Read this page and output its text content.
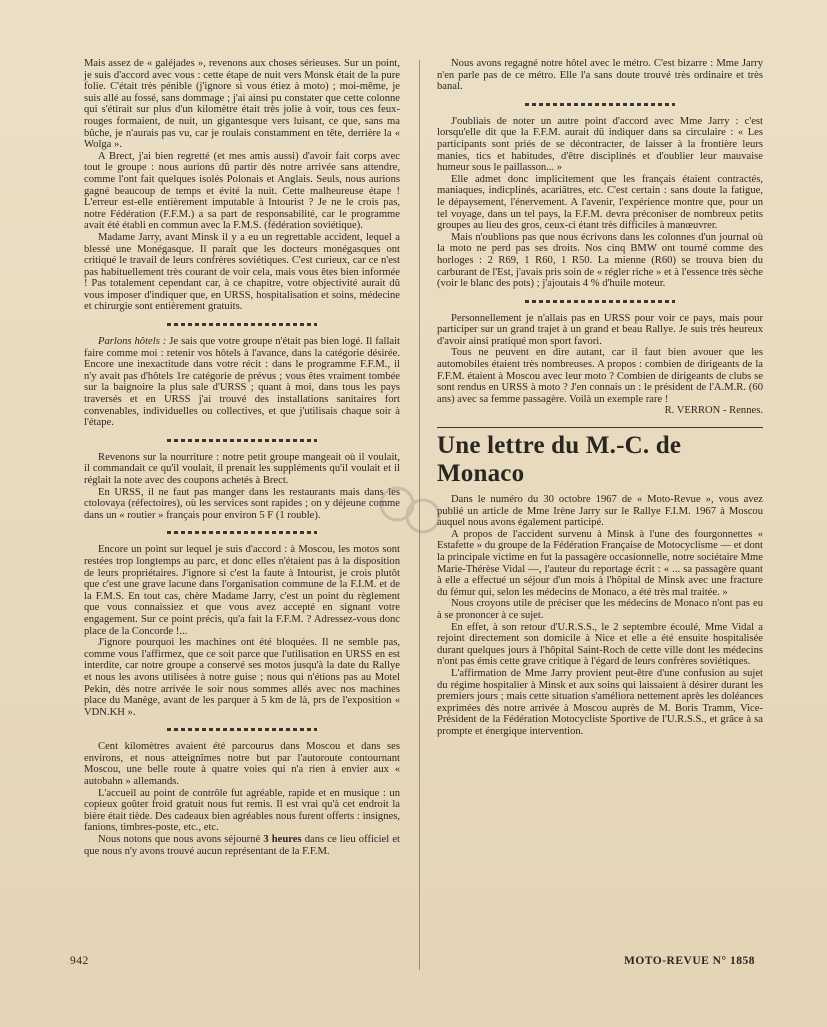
Mais assez de « galéjades », revenons aux choses sérieuses. Sur un point, je suis d'accord avec vous : cette étape de nuit vers Monsk était de la pure folie. C'était très pénible (j'ignore si vous étiez à moto) ; moi-même, je suis allé au fossé, sans dommage ; j'ai ainsi pu constater que cette colonne qui s'étirait sur plus d'un kilomètre était très jolie à voir, tous ces feux-rouges formaient, de nuit, un gigantesque vers luisant, ce que, sans ma bûche, je n'aurais pas vu, car je roulais constamment en tête, derrière la « Wolga ».

A Brect, j'ai bien regretté (et mes amis aussi) d'avoir fait corps avec tout le groupe : nous aurions dû partir dès notre arrivée sans attendre, comme l'ont fait quelques isolés Polonais et Anglais. Seuls, nous aurions gagné beaucoup de temps et évité la nuit. Cette malheureuse étape ! L'erreur est-elle entièrement imputable à Intourist ? Je ne le crois pas, notre Fédération (F.F.M.) a sa part de responsabilité, car le programme avait été établi en commun avec la F.M.S. (fédération soviétique).

Madame Jarry, avant Minsk il y a eu un regrettable accident, lequel a blessé une Monégasque. Il paraît que les docteurs monégasques ont critiqué le travail de leurs confrères soviétiques. C'est curieux, car ce n'est pas habituellement très courant de voir cela, mais vous êtes bien informée ! Pas totalement cependant car, à ce chapitre, votre objectivité aurait dû vous imposer d'indiquer que, en URSS, hospitalisation et soins, médecine et chirurgie sont entièrement gratuits.

Parlons hôtels : Je sais que votre groupe n'était pas bien logé. Il fallait faire comme moi : retenir vos hôtels à l'avance, dans la catégorie désirée. Encore une inexactitude dans votre récit : dans le programme F.F.M., il n'y avait pas d'hôtels 1re catégorie de prévus ; vous êtes vraiment tombée sur la baignoire la plus sale d'URSS ; quant à moi, dans tous les pays traversés et en URSS j'ai trouvé des installations sanitaires fort convenables, individuelles ou collectives, et que j'utilisais chaque soir à l'étape.

Revenons sur la nourriture : notre petit groupe mangeait où il voulait, il commandait ce qu'il voulait, il prenait les suppléments qu'il voulait et il réglait la note avec des coupons achetés à Brect.

En URSS, il ne faut pas manger dans les restaurants mais dans les ctolovaya (réfectoires), où les services sont rapides ; on y déjeune comme dans un « routier » français pour environ 5 F (1 rouble).

Encore un point sur lequel je suis d'accord : à Moscou, les motos sont restées trop longtemps au parc, et donc elles n'étaient pas à la disposition de leurs propriétaires. J'ignore si c'est la faute à Intourist, je crois plutôt que c'est une grave lacune dans l'organisation commune de la F.I.M. et de la F.M.S. En tout cas, chère Madame Jarry, c'est un point du règlement que vous connaissiez et que vous avez accepté en signant votre engagement. Sur ce point précis, qu'a fait la F.F.M. ? Adressez-vous donc place de la Concorde !...

J'ignore pourquoi les machines ont été bloquées. Il ne semble pas, comme vous l'affirmez, que ce soit parce que l'utilisation en URSS en est interdite, car notre groupe a conservé ses motos jusqu'à la date du Rallye et nous les avons utilisées à notre guise ; nous qui n'étions pas au Motel Pekin, dès notre arrivée le soir nous sommes allés avec nos machines place du Manège, avant de les parquer à 5 km de là, prs de l'exposition « VDN.KH ».

Cent kilomètres avaient été parcourus dans Moscou et dans ses environs, et nous atteignîmes notre but par l'autoroute contournant Moscou, une belle route à quatre voies qui n'a rien à envier aux « autobahn » allemands.

L'accueil au point de contrôle fut agréable, rapide et en musique : un copieux goûter froid gratuit nous fut remis. Il est vrai qu'à cet endroit la bière était tiède. Des cadeaux bien agréables nous furent offerts : insignes, fanions, timbres-poste, etc., etc.

Nous notons que nous avons séjourné 3 heures dans ce lieu officiel et que nous n'y avons trouvé aucun représentant de la F.F.M.

Nous avons regagné notre hôtel avec le métro. C'est bizarre : Mme Jarry n'en parle pas de ce métro. Elle l'a sans doute trouvé très ordinaire et très banal.

J'oubliais de noter un autre point d'accord avec Mme Jarry : c'est lorsqu'elle dit que la F.F.M. aurait dû indiquer dans sa circulaire : « Les participants sont priés de se décontracter, de laisser à la frontière leurs manies, tics et habitudes, d'être disciplinés et d'oublier leur mauvaise humeur sous le paillasson... »

Elle admet donc implicitement que les français étaient contractés, maniaques, indicplinés, acariâtres, etc. C'est certain : sans doute la fatigue, le dépaysement, l'énervement. A l'avenir, l'expérience montre que, pour un tel voyage, dans un tel pays, la F.F.M. devra préconiser de nombreux petits groupes au lieu des gros, ceux-ci étant très difficiles à manœuvrer.

Mais n'oublions pas que nous écrivons dans les colonnes d'un journal où la moto ne perd pas ses droits. Nos cinq BMW ont tourné comme des horloges : 2 R69, 1 R60, 1 R50. La mienne (R60) se trouva bien du carburant de l'Est, j'avais pris soin de « régler riche » et à l'essence très sèche (voir le blanc des pots) ; j'ajoutais 4 % d'huile moteur.

Personnellement je n'allais pas en URSS pour voir ce pays, mais pour participer sur un grand trajet à un grand et beau Rallye. Je suis très heureux d'avoir ainsi pratiqué mon sport favori.

Tous ne peuvent en dire autant, car il faut bien avouer que les automobiles étaient très nombreuses. A propos : combien de dirigeants de la F.F.M. étaient à Moscou avec leur moto ? Combien de dirigeants de clubs se sont rendus en URSS à moto ? J'en connais un : le président de l'A.M.R. (60 ans) avec sa femme passagère. Voilà un exemple rare !

R. VERRON - Rennes.

Une lettre du M.-C. de Monaco

Dans le numéro du 30 octobre 1967 de « Moto-Revue », vous avez publié un article de Mme Irène Jarry sur le Rallye F.I.M. 1967 à Moscou auquel nous avons également participé.

A propos de l'accident survenu à Minsk à l'une des fourgonnettes « Estafette » du groupe de la Fédération Française de Motocyclisme — et dont la principale victime en fut la passagère occasionnelle, notre sociétaire Mme Marie-Thérèse Vidal —, l'auteur du reportage écrit : « ... sa passagère quant à elle a effectué un séjour d'un mois à l'hôpital de Minsk avec une fracture du fémur qui, selon les médecins de Monaco, a été très mal traitée. »

Nous croyons utile de préciser que les médecins de Monaco n'ont pas eu à se prononcer à ce sujet.

En effet, à son retour d'U.R.S.S., le 2 septembre écoulé, Mme Vidal a rejoint directement son domicile à Nice et elle a été ensuite hospitalisée durant quelques jours à l'hôpital Saint-Roch de cette ville dont les médecins n'ont pas émis cette grave critique à l'égard de leurs confrères soviétiques.

L'affirmation de Mme Jarry provient peut-être d'une confusion au sujet du régime hospitalier à Minsk et aux soins qui laissaient à désirer durant les premiers jours ; mais cette situation s'améliora nettement après les doléances exprimées dès notre arrivée à Moscou auprès de M. Boris Tramm, Vice-Président de la Fédération Motocycliste Sportive de l'U.R.S.S., et grâce à sa prompte et énergique intervention.

942	MOTO-REVUE N° 1858
